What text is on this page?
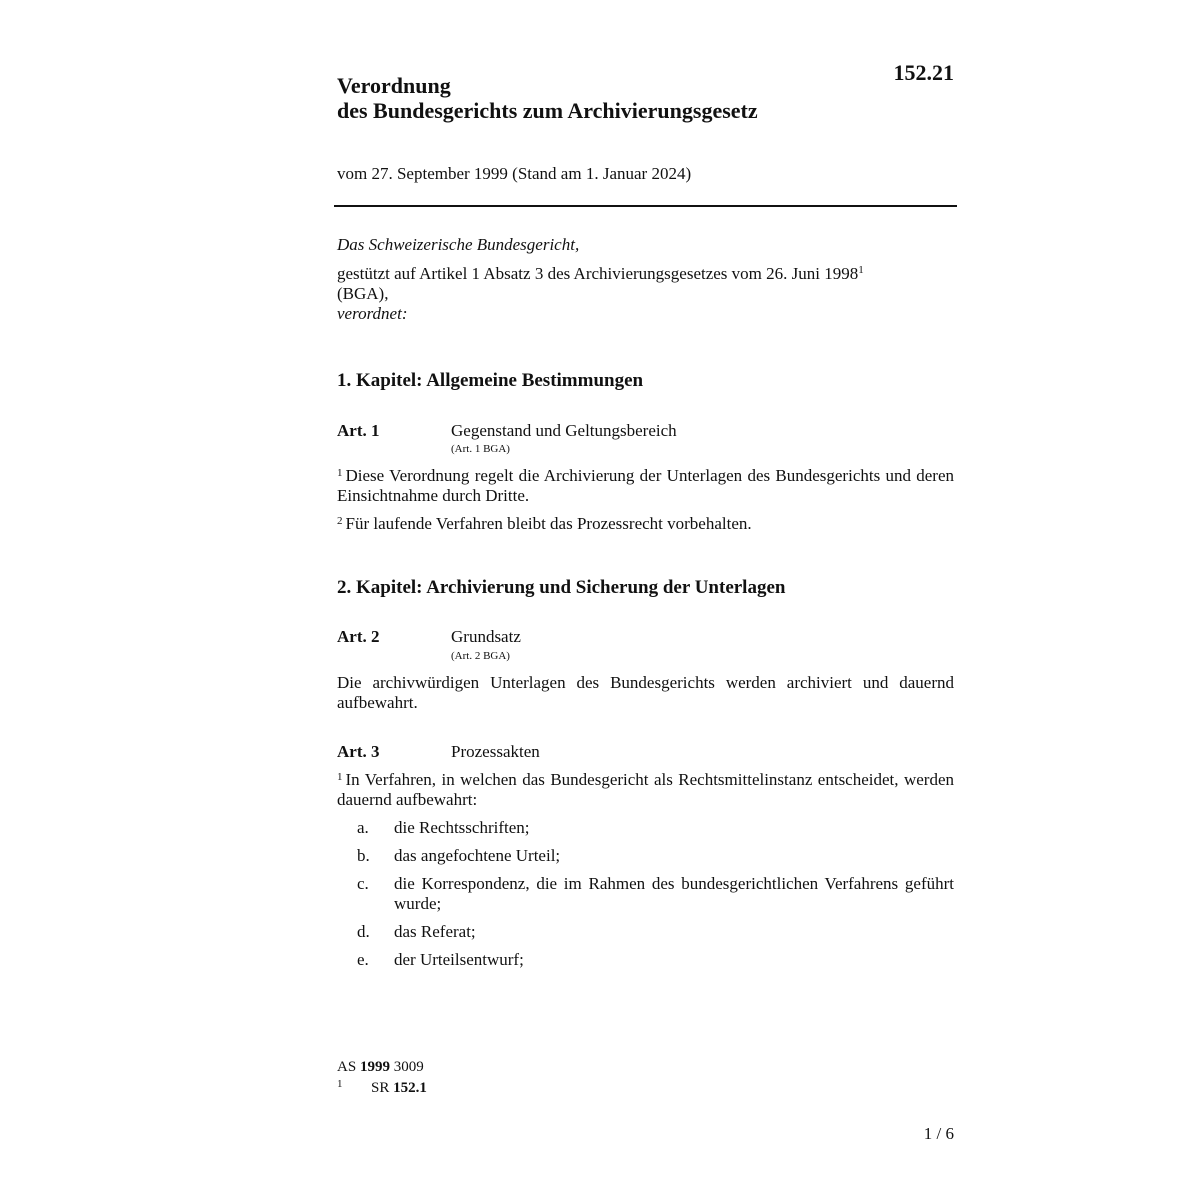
152.21
Verordnung
des Bundesgerichts zum Archivierungsgesetz
vom 27. September 1999 (Stand am 1. Januar 2024)

Das Schweizerische Bundesgericht,

gestützt auf Artikel 1 Absatz 3 des Archivierungsgesetzes vom 26. Juni 1998$^1$

(BGA),

verordnet:

1. Kapitel: Allgemeine Bestimmungen
Art. 1	Gegenstand und Geltungsbereich
(Art. 1 BGA)
$^1$ Diese Verordnung regelt die Archivierung der Unterlagen des Bundesgerichts und deren Einsichtnahme durch Dritte.
$^2$ Für laufende Verfahren bleibt das Prozessrecht vorbehalten.
2. Kapitel: Archivierung und Sicherung der Unterlagen
Art. 2	Grundsatz
(Art. 2 BGA)
Die archivwürdigen Unterlagen des Bundesgerichts werden archiviert und dauernd aufbewahrt.
Art. 3	Prozessakten
$^1$ In Verfahren, in welchen das Bundesgericht als Rechtsmittelinstanz entscheidet, werden dauernd aufbewahrt:
a.	die Rechtsschriften;
b.	das angefochtene Urteil;
c.	die Korrespondenz, die im Rahmen des bundesgerichtlichen Verfahrens geführt wurde;
d.	das Referat;
e.	der Urteilsentwurf;
AS 1999 3009
1 SR 152.1
1 / 6
